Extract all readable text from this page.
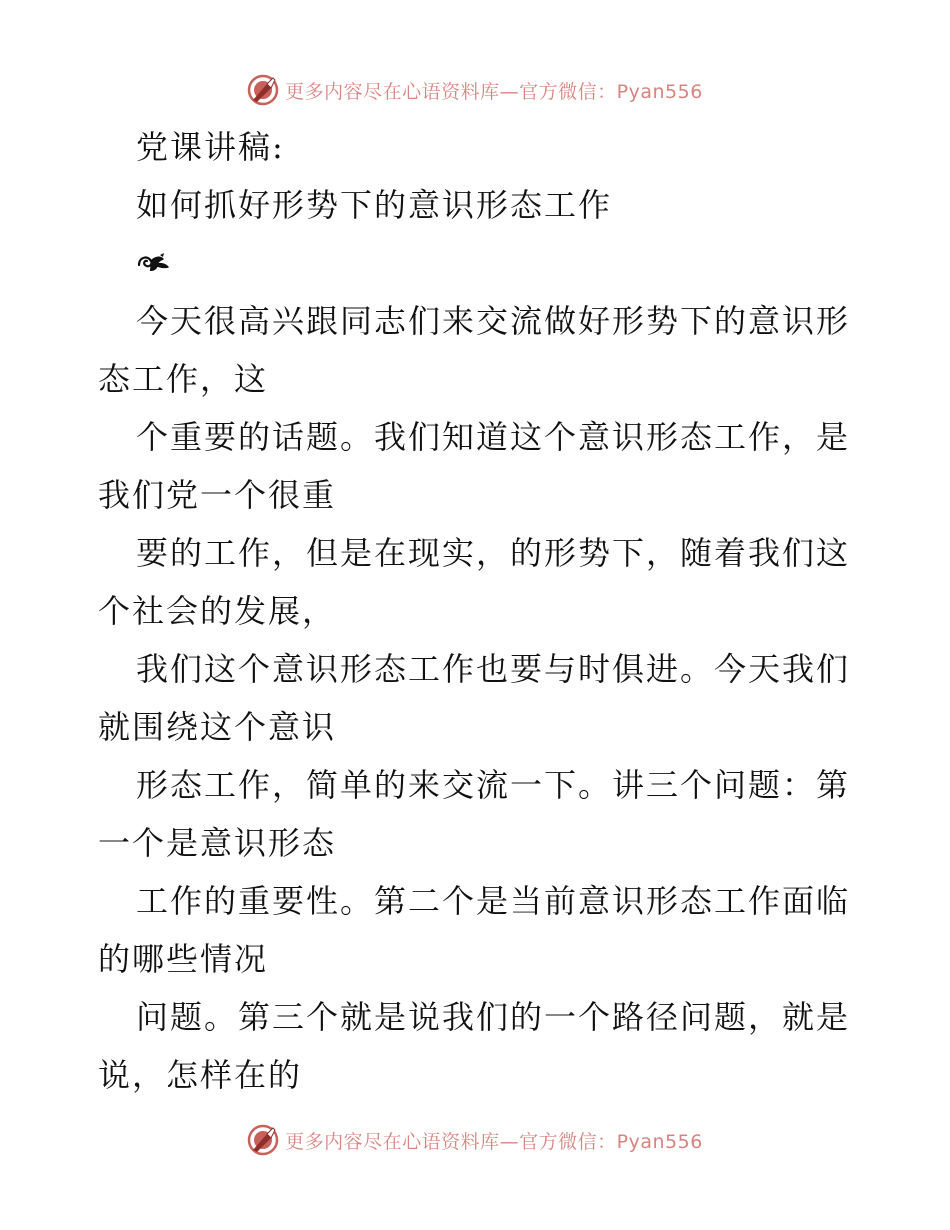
更多内容尽在心语资料库—官方微信：Pyan556
党课讲稿:
如何抓好形势下的意识形态工作
今天很高兴跟同志们来交流做好形势下的意识形
态工作，这
个重要的话题。我们知道这个意识形态工作，是
我们党一个很重
要的工作，但是在现实，的形势下，随着我们这
个社会的发展，
我们这个意识形态工作也要与时俱进。今天我们
就围绕这个意识
形态工作，简单的来交流一下。讲三个问题：第
一个是意识形态
工作的重要性。第二个是当前意识形态工作面临
的哪些情况
问题。第三个就是说我们的一个路径问题，就是
说，怎样在的
更多内容尽在心语资料库—官方微信：Pyan556
